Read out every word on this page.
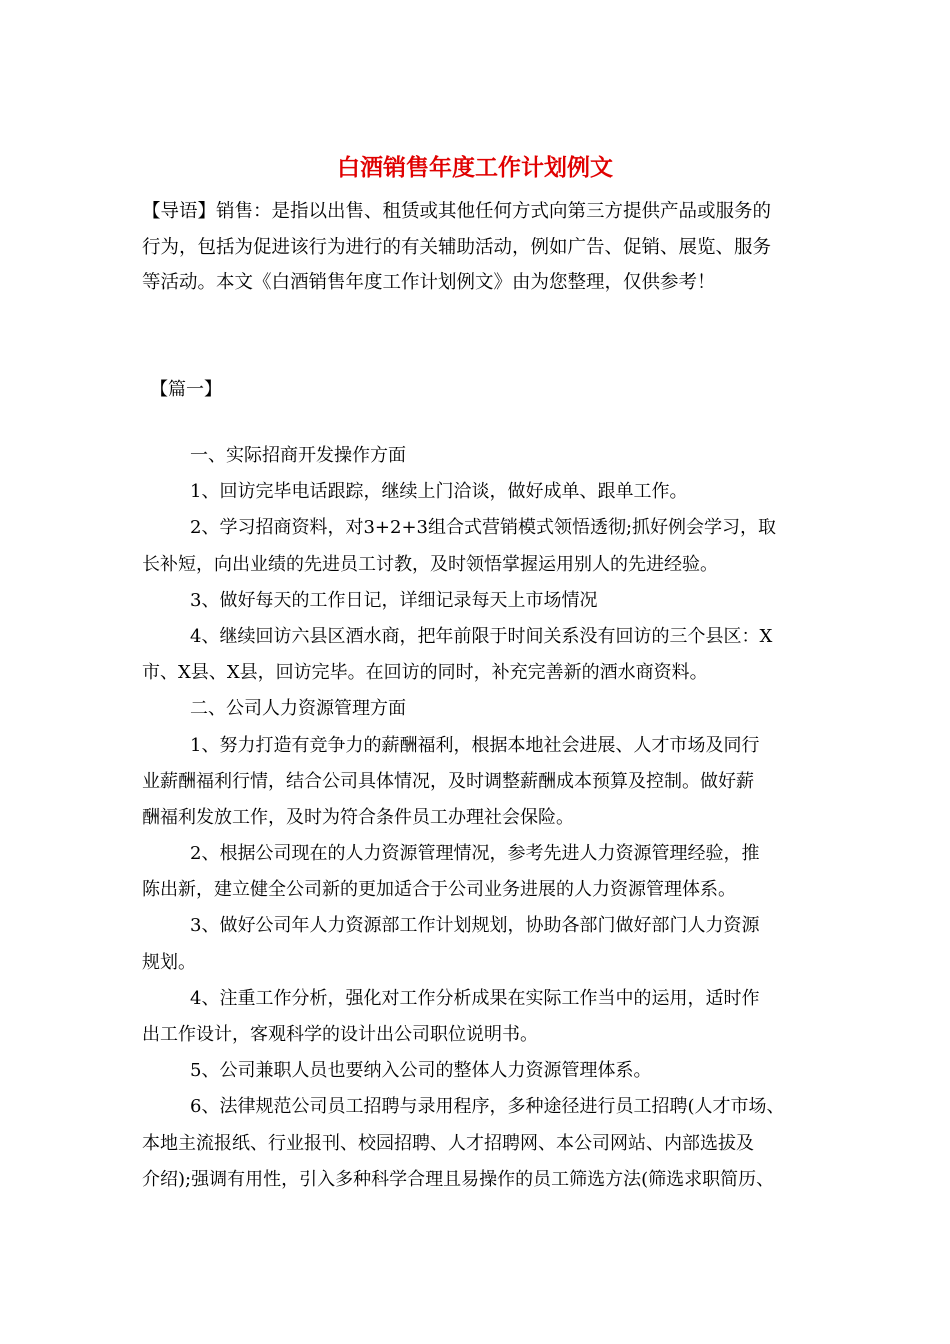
白酒销售年度工作计划例文
【导语】销售：是指以出售、租赁或其他任何方式向第三方提供产品或服务的
行为，包括为促进该行为进行的有关辅助活动，例如广告、促销、展览、服务
等活动。本文《白酒销售年度工作计划例文》由为您整理，仅供参考！
【篇一】
一、实际招商开发操作方面
1、回访完毕电话跟踪，继续上门洽谈，做好成单、跟单工作。
2、学习招商资料，对3+2+3组合式营销模式领悟透彻;抓好例会学习，取
长补短，向出业绩的先进员工讨教，及时领悟掌握运用别人的先进经验。
3、做好每天的工作日记，详细记录每天上市场情况
4、继续回访六县区酒水商，把年前限于时间关系没有回访的三个县区：X
市、X县、X县，回访完毕。在回访的同时，补充完善新的酒水商资料。
二、公司人力资源管理方面
1、努力打造有竞争力的薪酬福利，根据本地社会进展、人才市场及同行
业薪酬福利行情，结合公司具体情况，及时调整薪酬成本预算及控制。做好薪
酬福利发放工作，及时为符合条件员工办理社会保险。
2、根据公司现在的人力资源管理情况，参考先进人力资源管理经验，推
陈出新，建立健全公司新的更加适合于公司业务进展的人力资源管理体系。
3、做好公司年人力资源部工作计划规划，协助各部门做好部门人力资源
规划。
4、注重工作分析，强化对工作分析成果在实际工作当中的运用，适时作
出工作设计，客观科学的设计出公司职位说明书。
5、公司兼职人员也要纳入公司的整体人力资源管理体系。
6、法律规范公司员工招聘与录用程序，多种途径进行员工招聘(人才市场、
本地主流报纸、行业报刊、校园招聘、人才招聘网、本公司网站、内部选拔及
介绍);强调有用性，引入多种科学合理且易操作的员工筛选方法(筛选求职简历、
